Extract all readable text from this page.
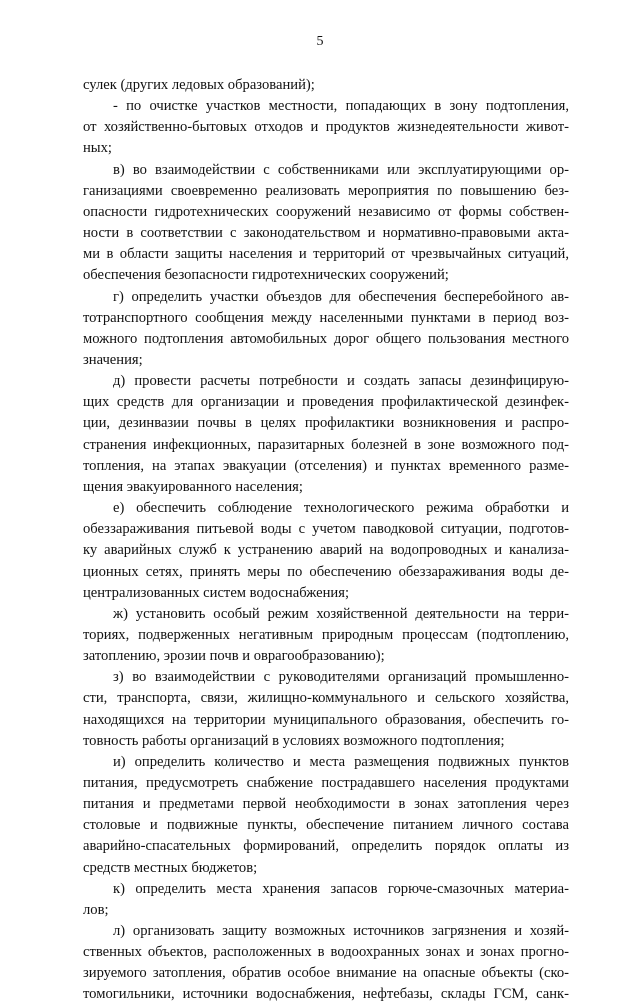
5
сулек (других ледовых образований);
- по очистке участков местности, попадающих в зону подтопления,
от хозяйственно-бытовых отходов и продуктов жизнедеятельности живот-
ных;
в) во взаимодействии с собственниками или эксплуатирующими ор-
ганизациями своевременно реализовать мероприятия по повышению без-
опасности гидротехнических сооружений независимо от формы собствен-
ности в соответствии с законодательством и нормативно-правовыми акта-
ми в области защиты населения и территорий от чрезвычайных ситуаций,
обеспечения безопасности гидротехнических сооружений;
г) определить участки объездов для обеспечения бесперебойного ав-
тотранспортного сообщения между населенными пунктами в период воз-
можного подтопления автомобильных дорог общего пользования местного
значения;
д) провести расчеты потребности и создать запасы дезинфицирую-
щих средств для организации и проведения профилактической дезинфек-
ции, дезинвазии почвы в целях профилактики возникновения и распро-
странения инфекционных, паразитарных болезней в зоне возможного под-
топления, на этапах эвакуации (отселения) и пунктах временного разме-
щения эвакуированного населения;
е) обеспечить соблюдение технологического режима обработки и
обеззараживания питьевой воды с учетом паводковой ситуации, подготов-
ку аварийных служб к устранению аварий на водопроводных и канализа-
ционных сетях, принять меры по обеспечению обеззараживания воды де-
централизованных систем водоснабжения;
ж) установить особый режим хозяйственной деятельности на терри-
ториях, подверженных негативным природным процессам (подтоплению,
затоплению, эрозии почв и оврагообразованию);
з) во взаимодействии с руководителями организаций промышленно-
сти, транспорта, связи, жилищно-коммунального и сельского хозяйства,
находящихся на территории муниципального образования, обеспечить го-
товность работы организаций в условиях возможного подтопления;
и) определить количество и места размещения подвижных пунктов
питания, предусмотреть снабжение пострадавшего населения продуктами
питания и предметами первой необходимости в зонах затопления через
столовые и подвижные пункты, обеспечение питанием личного состава
аварийно-спасательных формирований, определить порядок оплаты из
средств местных бюджетов;
к) определить места хранения запасов горюче-смазочных материа-
лов;
л) организовать защиту возможных источников загрязнения и хозяй-
ственных объектов, расположенных в водоохранных зонах и зонах прогно-
зируемого затопления, обратив особое внимание на опасные объекты (ско-
томогильники, источники водоснабжения, нефтебазы, склады ГСМ, санк-
